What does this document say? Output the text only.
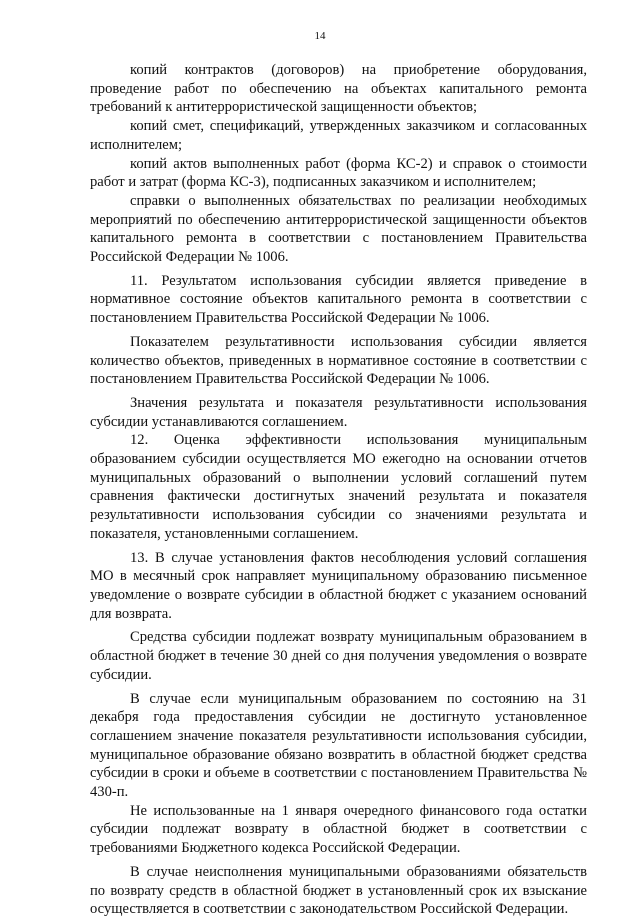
14

копий контрактов (договоров) на приобретение оборудования, проведение работ по обеспечению на объектах капитального ремонта требований к антитеррористической защищенности объектов;

копий смет, спецификаций, утвержденных заказчиком и согласованных исполнителем;

копий актов выполненных работ (форма КС-2) и справок о стоимости работ и затрат (форма КС-3), подписанных заказчиком и исполнителем;

справки о выполненных обязательствах по реализации необходимых мероприятий по обеспечению антитеррористической защищенности объектов капитального ремонта в соответствии с постановлением Правительства Российской Федерации № 1006.

11. Результатом использования субсидии является приведение в нормативное состояние объектов капитального ремонта в соответствии с постановлением Правительства Российской Федерации № 1006.

Показателем результативности использования субсидии является количество объектов, приведенных в нормативное состояние в соответствии с постановлением Правительства Российской Федерации № 1006.

Значения результата и показателя результативности использования субсидии устанавливаются соглашением.

12. Оценка эффективности использования муниципальным образованием субсидии осуществляется МО ежегодно на основании отчетов муниципальных образований о выполнении условий соглашений путем сравнения фактически достигнутых значений результата и показателя результативности использования субсидии со значениями результата и показателя, установленными соглашением.

13. В случае установления фактов несоблюдения условий соглашения МО в месячный срок направляет муниципальному образованию письменное уведомление о возврате субсидии в областной бюджет с указанием оснований для возврата.

Средства субсидии подлежат возврату муниципальным образованием в областной бюджет в течение 30 дней со дня получения уведомления о возврате субсидии.

В случае если муниципальным образованием по состоянию на 31 декабря года предоставления субсидии не достигнуто установленное соглашением значение показателя результативности использования субсидии, муниципальное образование обязано возвратить в областной бюджет средства субсидии в сроки и объеме в соответствии с постановлением Правительства № 430-п.

Не использованные на 1 января очередного финансового года остатки субсидии подлежат возврату в областной бюджет в соответствии с требованиями Бюджетного кодекса Российской Федерации.

В случае неисполнения муниципальными образованиями обязательств по возврату средств в областной бюджет в установленный срок их взыскание осуществляется в соответствии с законодательством Российской Федерации.
